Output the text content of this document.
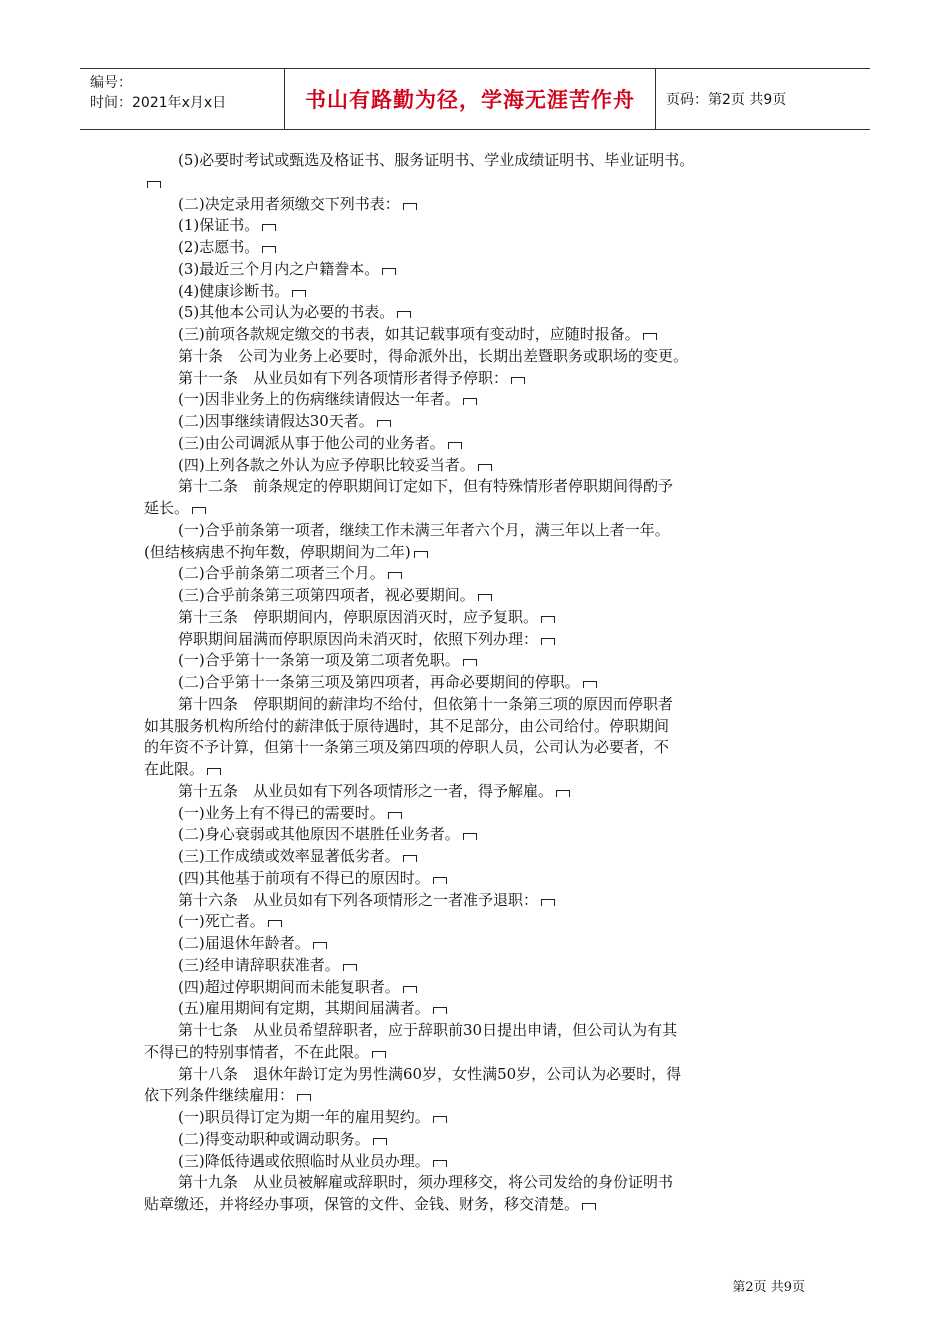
编号：
时间：2021年x月x日	书山有路勤为径，学海无涯苦作舟	页码：第2页 共9页
(5)必要时考试或甄选及格证书、服务证明书、学业成绩证明书、毕业证明书。
(二)决定录用者须缴交下列书表：
(1)保证书。
(2)志愿书。
(3)最近三个月内之户籍誊本。
(4)健康诊断书。
(5)其他本公司认为必要的书表。
(三)前项各款规定缴交的书表，如其记载事项有变动时，应随时报备。
第十条　公司为业务上必要时，得命派外出，长期出差暨职务或职场的变更。
第十一条　从业员如有下列各项情形者得予停职：
(一)因非业务上的伤病继续请假达一年者。
(二)因事继续请假达30天者。
(三)由公司调派从事于他公司的业务者。
(四)上列各款之外认为应予停职比较妥当者。
第十二条　前条规定的停职期间订定如下，但有特殊情形者停职期间得酌予
延长。
(一)合乎前条第一项者，继续工作未满三年者六个月，满三年以上者一年。
(但结核病患不拘年数，停职期间为二年)
(二)合乎前条第二项者三个月。
(三)合乎前条第三项第四项者，视必要期间。
第十三条　停职期间内，停职原因消灭时，应予复职。
停职期间届满而停职原因尚未消灭时，依照下列办理：
(一)合乎第十一条第一项及第二项者免职。
(二)合乎第十一条第三项及第四项者，再命必要期间的停职。
第十四条　停职期间的薪津均不给付，但依第十一条第三项的原因而停职者
如其服务机构所给付的薪津低于原待遇时，其不足部分，由公司给付。停职期间
的年资不予计算，但第十一条第三项及第四项的停职人员，公司认为必要者，不
在此限。
第十五条　从业员如有下列各项情形之一者，得予解雇。
(一)业务上有不得已的需要时。
(二)身心衰弱或其他原因不堪胜任业务者。
(三)工作成绩或效率显著低劣者。
(四)其他基于前项有不得已的原因时。
第十六条　从业员如有下列各项情形之一者准予退职：
(一)死亡者。
(二)届退休年龄者。
(三)经申请辞职获准者。
(四)超过停职期间而未能复职者。
(五)雇用期间有定期，其期间届满者。
第十七条　从业员希望辞职者，应于辞职前30日提出申请，但公司认为有其
不得已的特别事情者，不在此限。
第十八条　退休年龄订定为男性满60岁，女性满50岁，公司认为必要时，得
依下列条件继续雇用：
(一)职员得订定为期一年的雇用契约。
(二)得变动职种或调动职务。
(三)降低待遇或依照临时从业员办理。
第十九条　从业员被解雇或辞职时，须办理移交，将公司发给的身份证明书
贴章缴还，并将经办事项，保管的文件、金钱、财务，移交清楚。
第2页 共9页
